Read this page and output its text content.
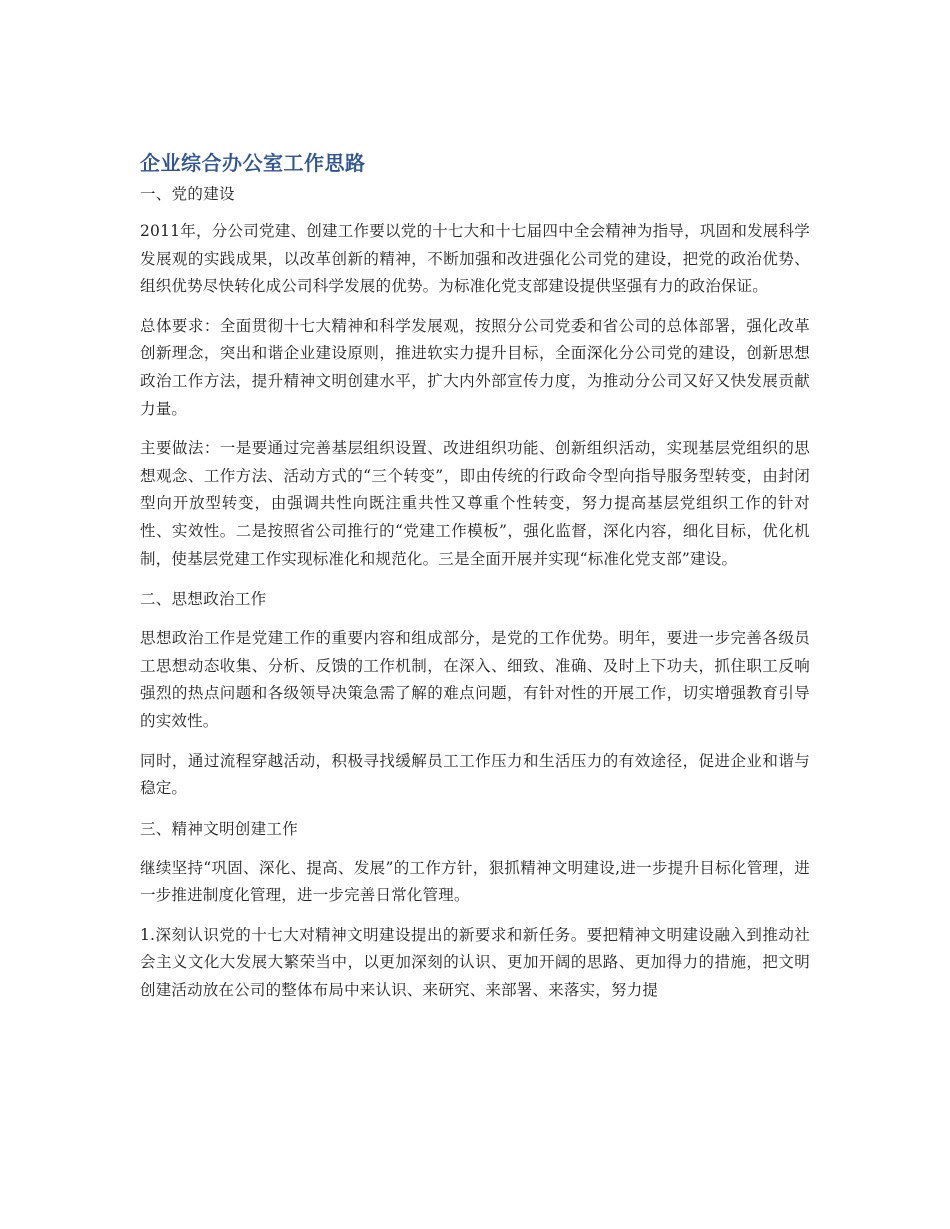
企业综合办公室工作思路

一、党的建设

2011年，分公司党建、创建工作要以党的十七大和十七届四中全会精神为指导，巩固和发展科学发展观的实践成果，以改革创新的精神，不断加强和改进强化公司党的建设，把党的政治优势、组织优势尽快转化成公司科学发展的优势。为标准化党支部建设提供坚强有力的政治保证。

总体要求：全面贯彻十七大精神和科学发展观，按照分公司党委和省公司的总体部署，强化改革创新理念，突出和谐企业建设原则，推进软实力提升目标，全面深化分公司党的建设，创新思想政治工作方法，提升精神文明创建水平，扩大内外部宣传力度，为推动分公司又好又快发展贡献力量。

主要做法：一是要通过完善基层组织设置、改进组织功能、创新组织活动，实现基层党组织的思想观念、工作方法、活动方式的“三个转变”，即由传统的行政命令型向指导服务型转变，由封闭型向开放型转变，由强调共性向既注重共性又尊重个性转变，努力提高基层党组织工作的针对性、实效性。二是按照省公司推行的“党建工作模板”，强化监督，深化内容，细化目标，优化机制，使基层党建工作实现标准化和规范化。三是全面开展并实现“标准化党支部”建设。

二、思想政治工作

思想政治工作是党建工作的重要内容和组成部分，是党的工作优势。明年，要进一步完善各级员工思想动态收集、分析、反馈的工作机制，在深入、细致、准确、及时上下功夫，抓住职工反响强烈的热点问题和各级领导决策急需了解的难点问题，有针对性的开展工作，切实增强教育引导的实效性。

同时，通过流程穿越活动，积极寻找缓解员工工作压力和生活压力的有效途径，促进企业和谐与稳定。

三、精神文明创建工作

继续坚持“巩固、深化、提高、发展”的工作方针，狠抓精神文明建设,进一步提升目标化管理，进一步推进制度化管理，进一步完善日常化管理。

1.深刻认识党的十七大对精神文明建设提出的新要求和新任务。要把精神文明建设融入到推动社会主义文化大发展大繁荣当中，以更加深刻的认识、更加开阔的思路、更加得力的措施，把文明创建活动放在公司的整体布局中来认识、来研究、来部署、来落实，努力提
